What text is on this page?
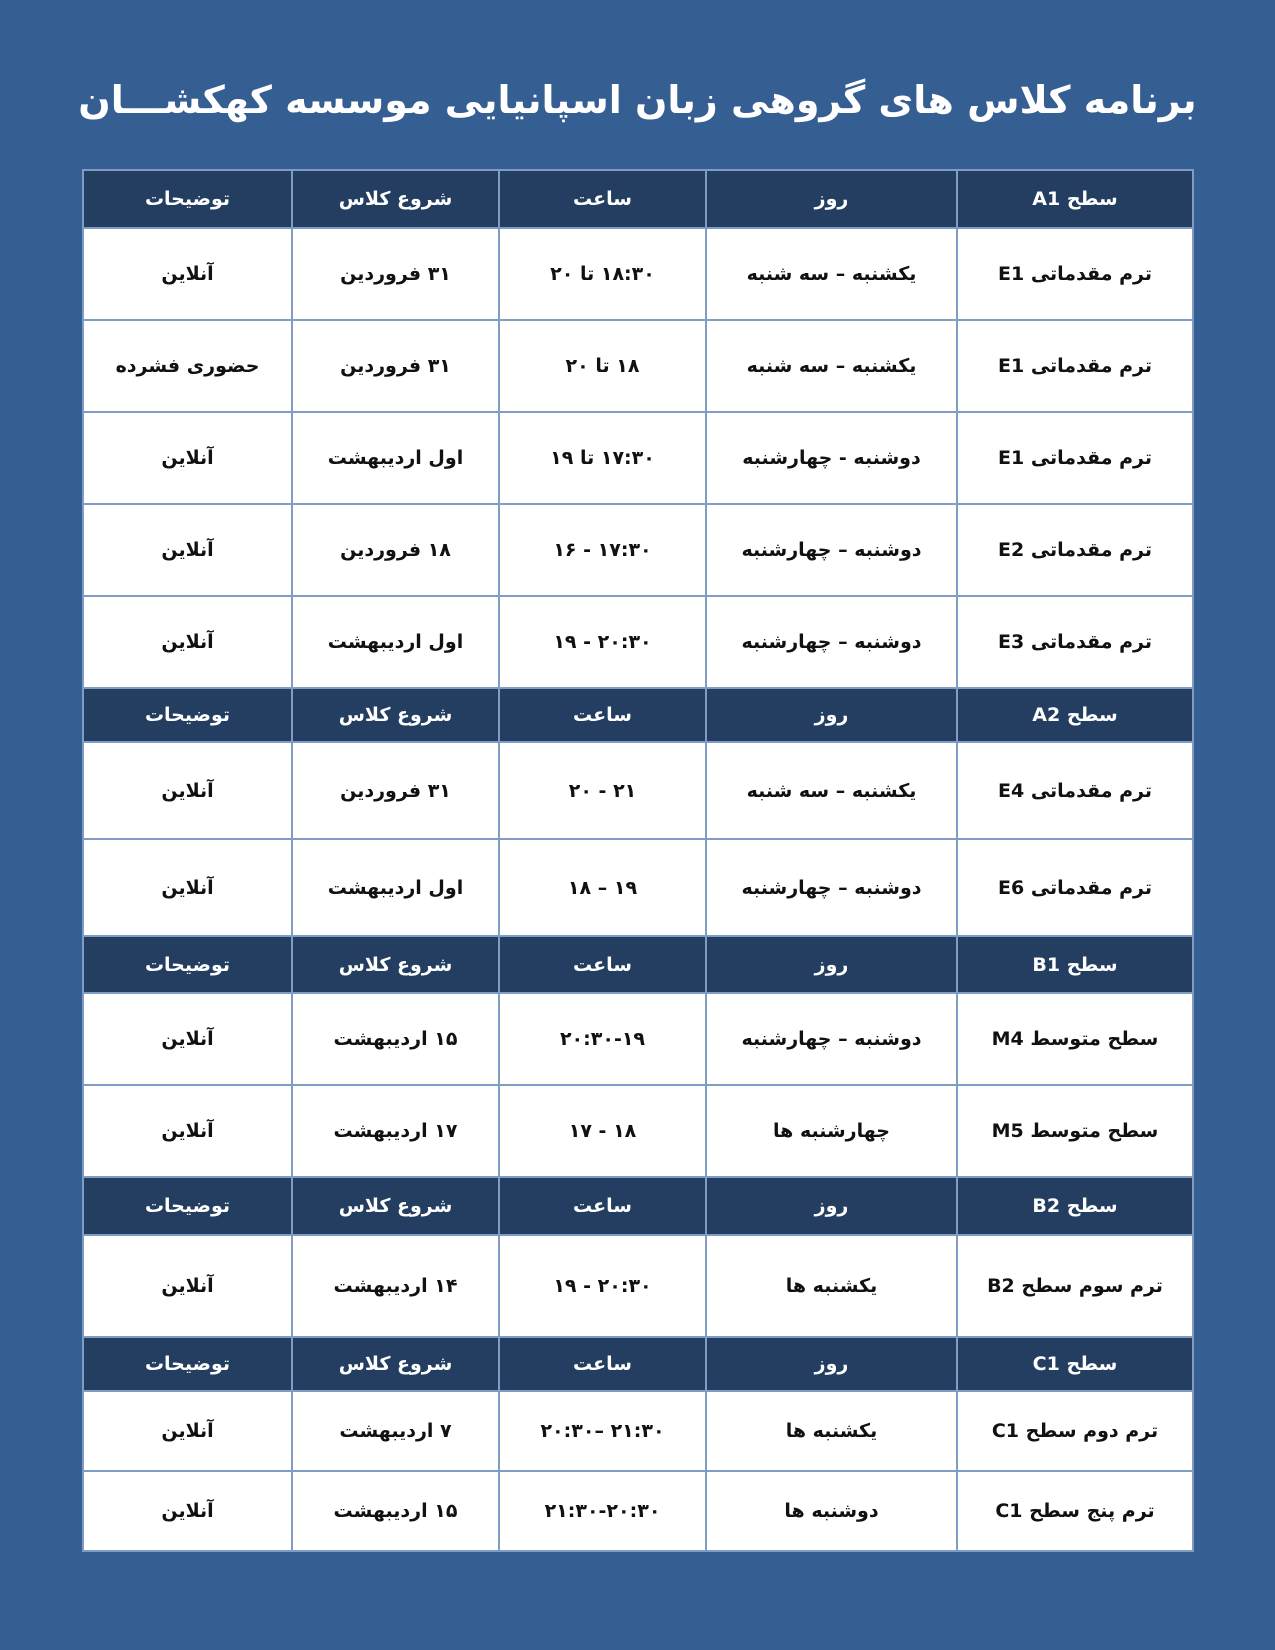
برنامه کلاس های گروهی زبان اسپانیایی موسسه کهکشـــان
سطح A1	روز	ساعت	شروع کلاس	توضیحات
ترم مقدماتی E1	یکشنبه – سه شنبه	۱۸:۳۰ تا ۲۰	۳۱ فروردین	آنلاین
ترم مقدماتی E1	یکشنبه – سه شنبه	۱۸ تا ۲۰	۳۱ فروردین	حضوری فشرده
ترم مقدماتی E1	دوشنبه - چهارشنبه	۱۷:۳۰ تا ۱۹	اول اردیبهشت	آنلاین
ترم مقدماتی E2	دوشنبه – چهارشنبه	۱۷:۳۰ - ۱۶	۱۸ فروردین	آنلاین
ترم مقدماتی E3	دوشنبه – چهارشنبه	۲۰:۳۰ - ۱۹	اول اردیبهشت	آنلاین
سطح A2	روز	ساعت	شروع کلاس	توضیحات
ترم مقدماتی E4	یکشنبه – سه شنبه	۲۱ - ۲۰	۳۱ فروردین	آنلاین
ترم مقدماتی E6	دوشنبه – چهارشنبه	۱۹ – ۱۸	اول اردیبهشت	آنلاین
سطح B1	روز	ساعت	شروع کلاس	توضیحات
سطح متوسط M4	دوشنبه – چهارشنبه	۲۰:۳۰-۱۹	۱۵ اردیبهشت	آنلاین
سطح متوسط M5	چهارشنبه ها	۱۸ - ۱۷	۱۷ اردیبهشت	آنلاین
سطح B2	روز	ساعت	شروع کلاس	توضیحات
ترم سوم سطح B2	یکشنبه ها	۲۰:۳۰ - ۱۹	۱۴ اردیبهشت	آنلاین
سطح C1	روز	ساعت	شروع کلاس	توضیحات
ترم دوم سطح C1	یکشنبه ها	۲۱:۳۰ –۲۰:۳۰	۷ اردیبهشت	آنلاین
ترم پنج سطح C1	دوشنبه ها	۲۱:۳۰-۲۰:۳۰	۱۵ اردیبهشت	آنلاین
